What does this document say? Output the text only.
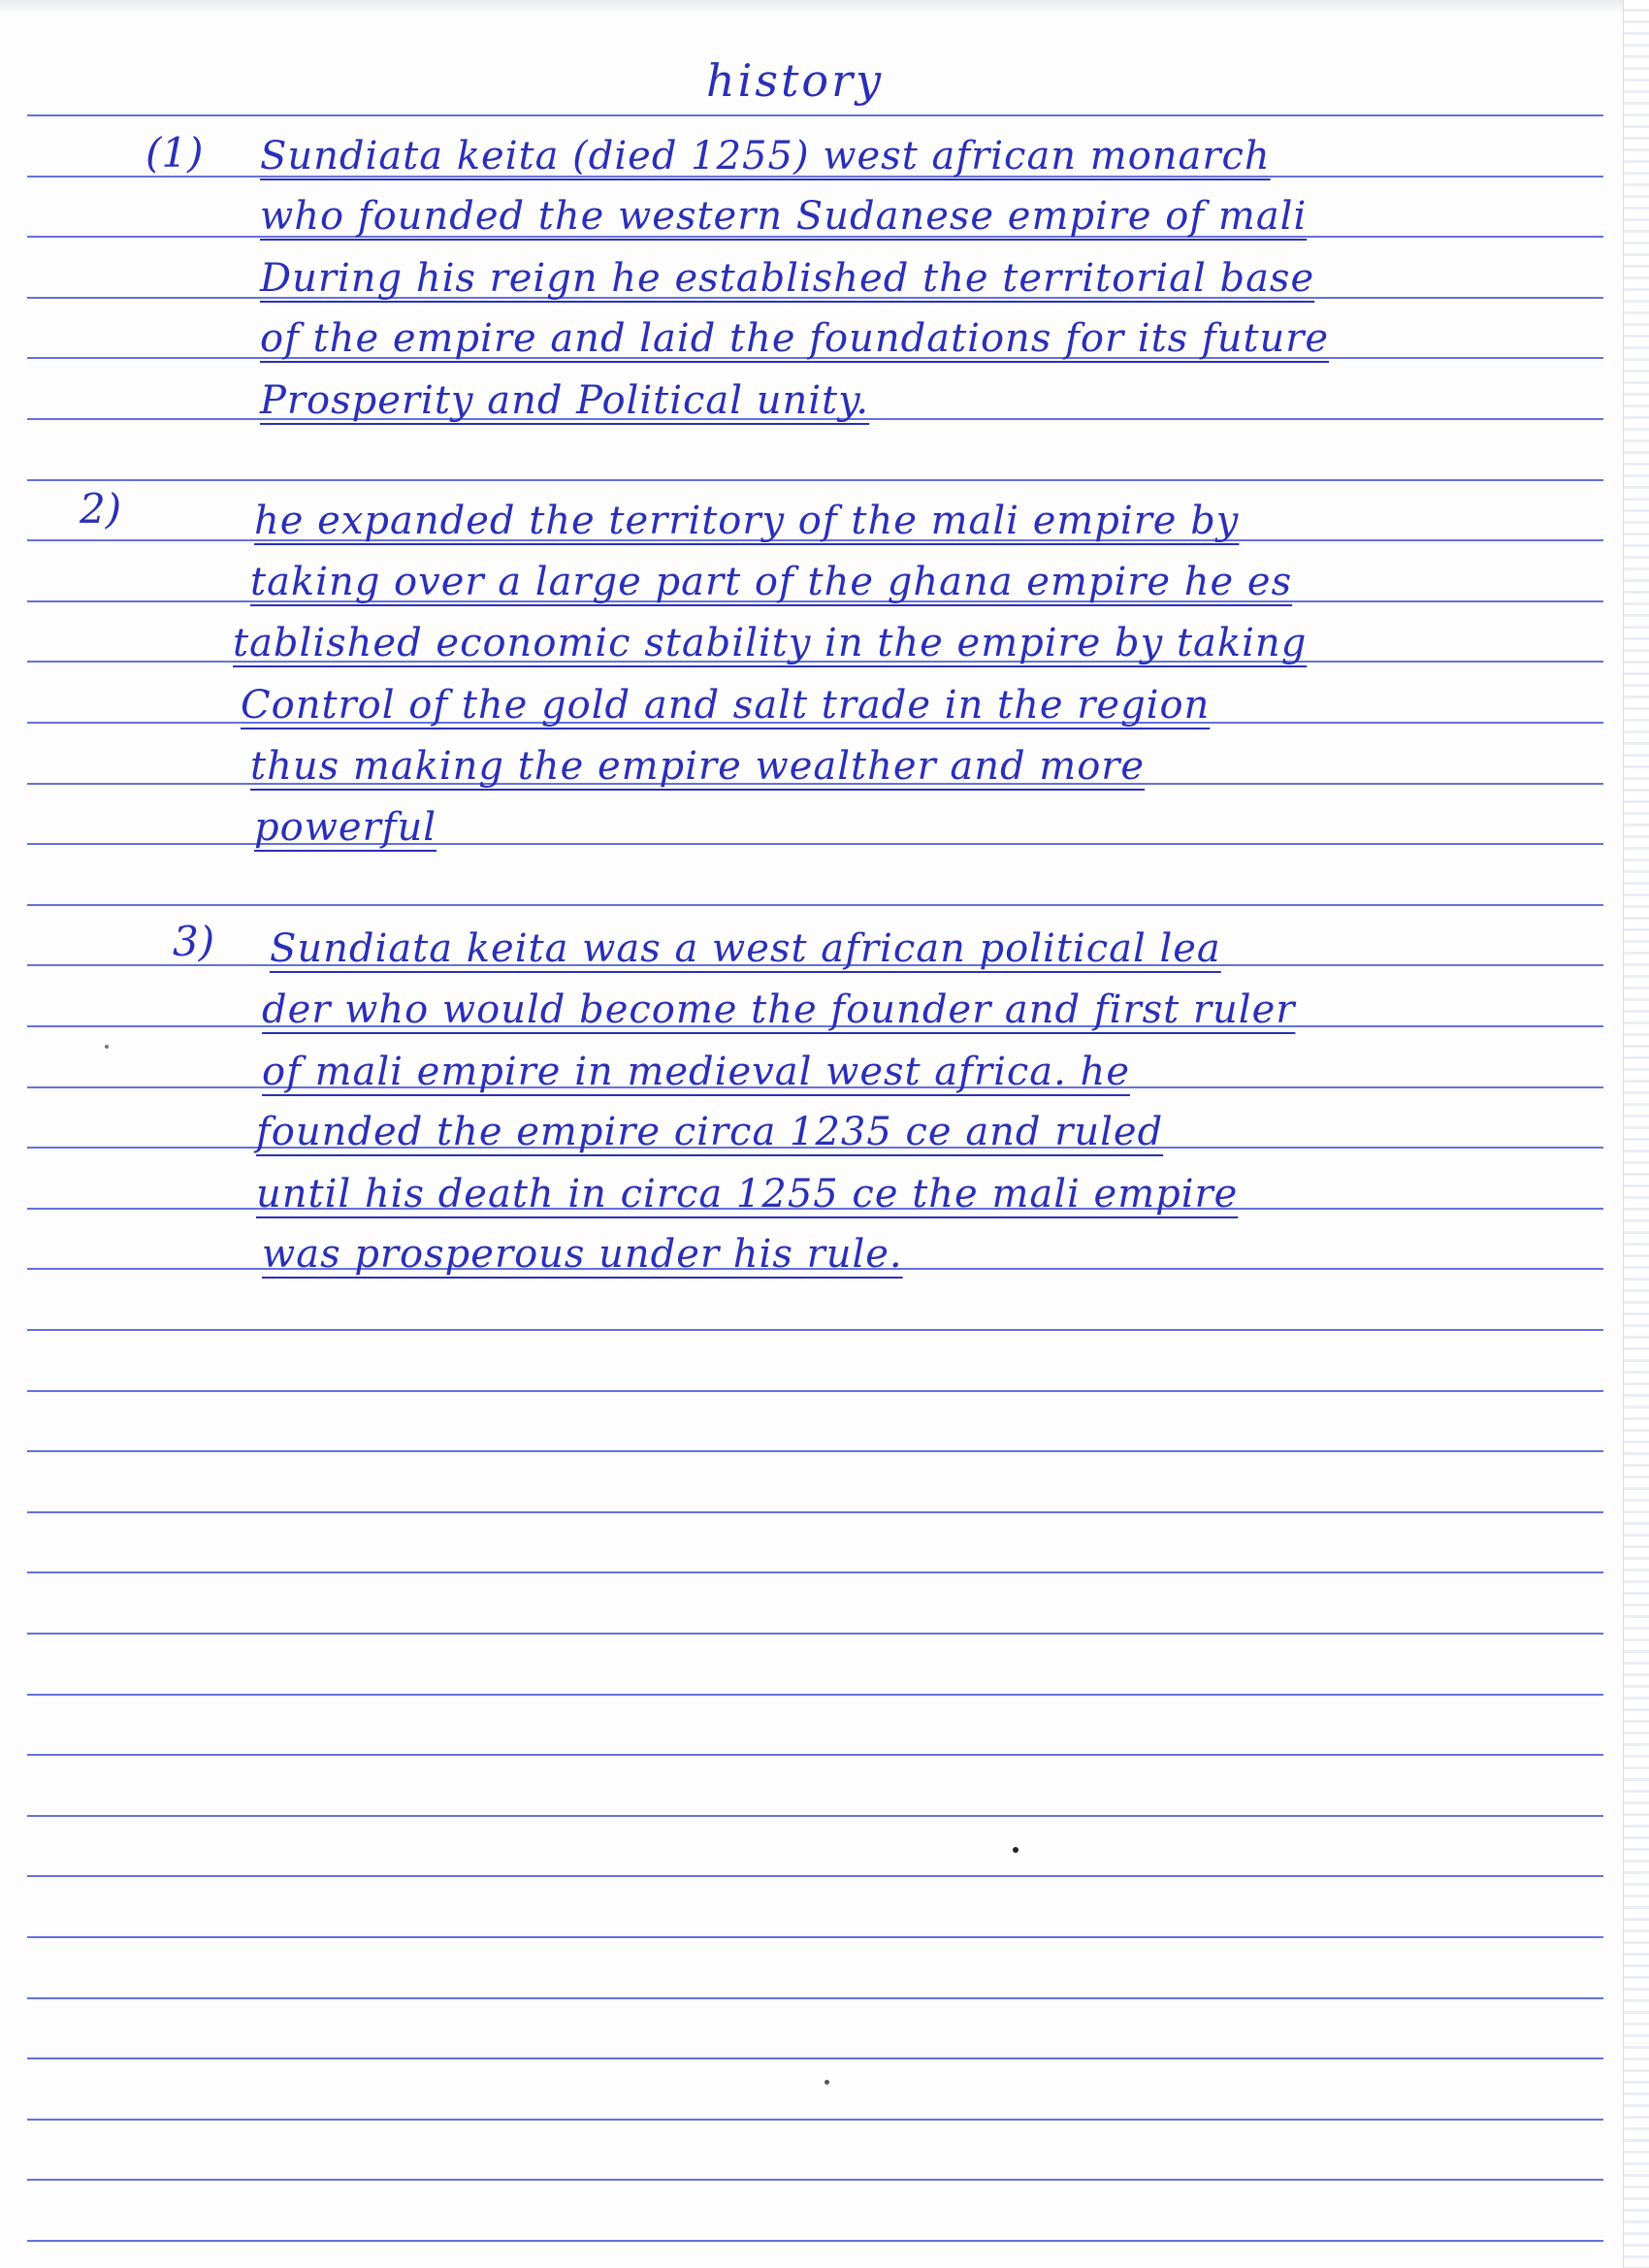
history
(1) Sundiata keita (died 1255) west african monarch
who founded the western Sudanese empire of mali
During his reign he established the territorial base
of the empire and laid the foundations for its future
Prosperity and Political unity.
2)	he expanded the territory of the mali empire by
taking over a large part of the ghana empire he es
tablished economic stability in the empire by taking
Control of the gold and salt trade in the region
thus making the empire wealther and more
powerful
3) Sundiata keita was a west african political lea
der who would become the founder and first ruler
of mali empire in medieval west africa. he
founded the empire circa 1235 ce and ruled
until his death in circa 1255 ce the mali empire
was prosperous under his rule.
